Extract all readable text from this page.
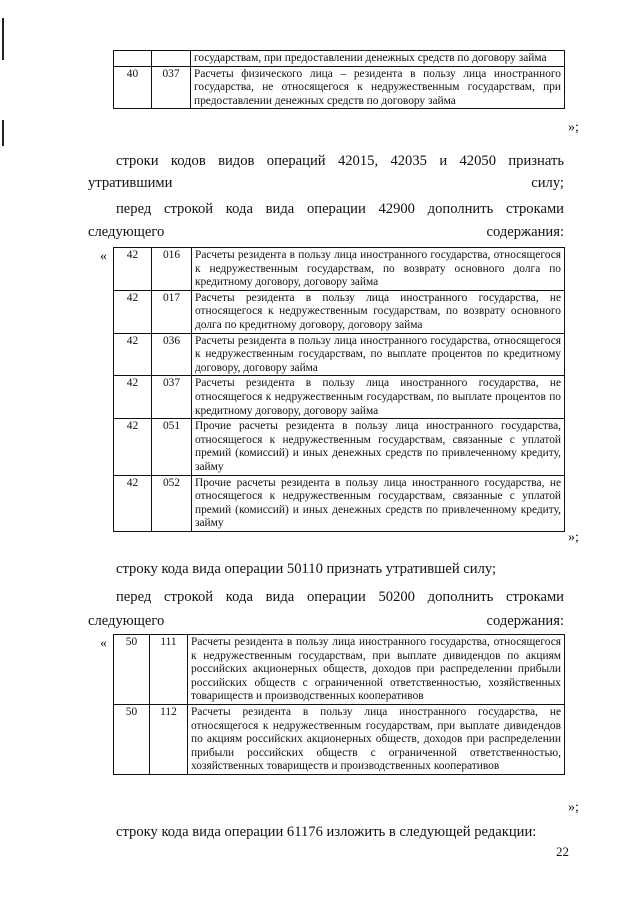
		государствам, при предоставлении денежных средств по договору займа
40	037	Расчеты физического лица – резидента в пользу лица иностранного государства, не относящегося к недружественным государствам, при предоставлении денежных средств по договору займа
»;

строки кодов видов операций 42015, 42035 и 42050 признать утратившими силу;

перед строкой кода вида операции 42900 дополнить строками следующего содержания:

« 42	016	Расчеты резидента в пользу лица иностранного государства, относящегося к недружественным государствам, по возврату основного долга по кредитному договору, договору займа
42	017	Расчеты резидента в пользу лица иностранного государства, не относящегося к недружественным государствам, по возврату основного долга по кредитному договору, договору займа
42	036	Расчеты резидента в пользу лица иностранного государства, относящегося к недружественным государствам, по выплате процентов по кредитному договору, договору займа
42	037	Расчеты резидента в пользу лица иностранного государства, не относящегося к недружественным государствам, по выплате процентов по кредитному договору, договору займа
42	051	Прочие расчеты резидента в пользу лица иностранного государства, относящегося к недружественным государствам, связанные с уплатой премий (комиссий) и иных денежных средств по привлеченному кредиту, займу
42	052	Прочие расчеты резидента в пользу лица иностранного государства, не относящегося к недружественным государствам, связанные с уплатой премий (комиссий) и иных денежных средств по привлеченному кредиту, займу
»;

строку кода вида операции 50110 признать утратившей силу;

перед строкой кода вида операции 50200 дополнить строками следующего содержания:

« 50	111	Расчеты резидента в пользу лица иностранного государства, относящегося к недружественным государствам, при выплате дивидендов по акциям российских акционерных обществ, доходов при распределении прибыли российских обществ с ограниченной ответственностью, хозяйственных товариществ и производственных кооперативов
50	112	Расчеты резидента в пользу лица иностранного государства, не относящегося к недружественным государствам, при выплате дивидендов по акциям российских акционерных обществ, доходов при распределении прибыли российских обществ с ограниченной ответственностью, хозяйственных товариществ и производственных кооперативов
»;

строку кода вида операции 61176 изложить в следующей редакции:

22
